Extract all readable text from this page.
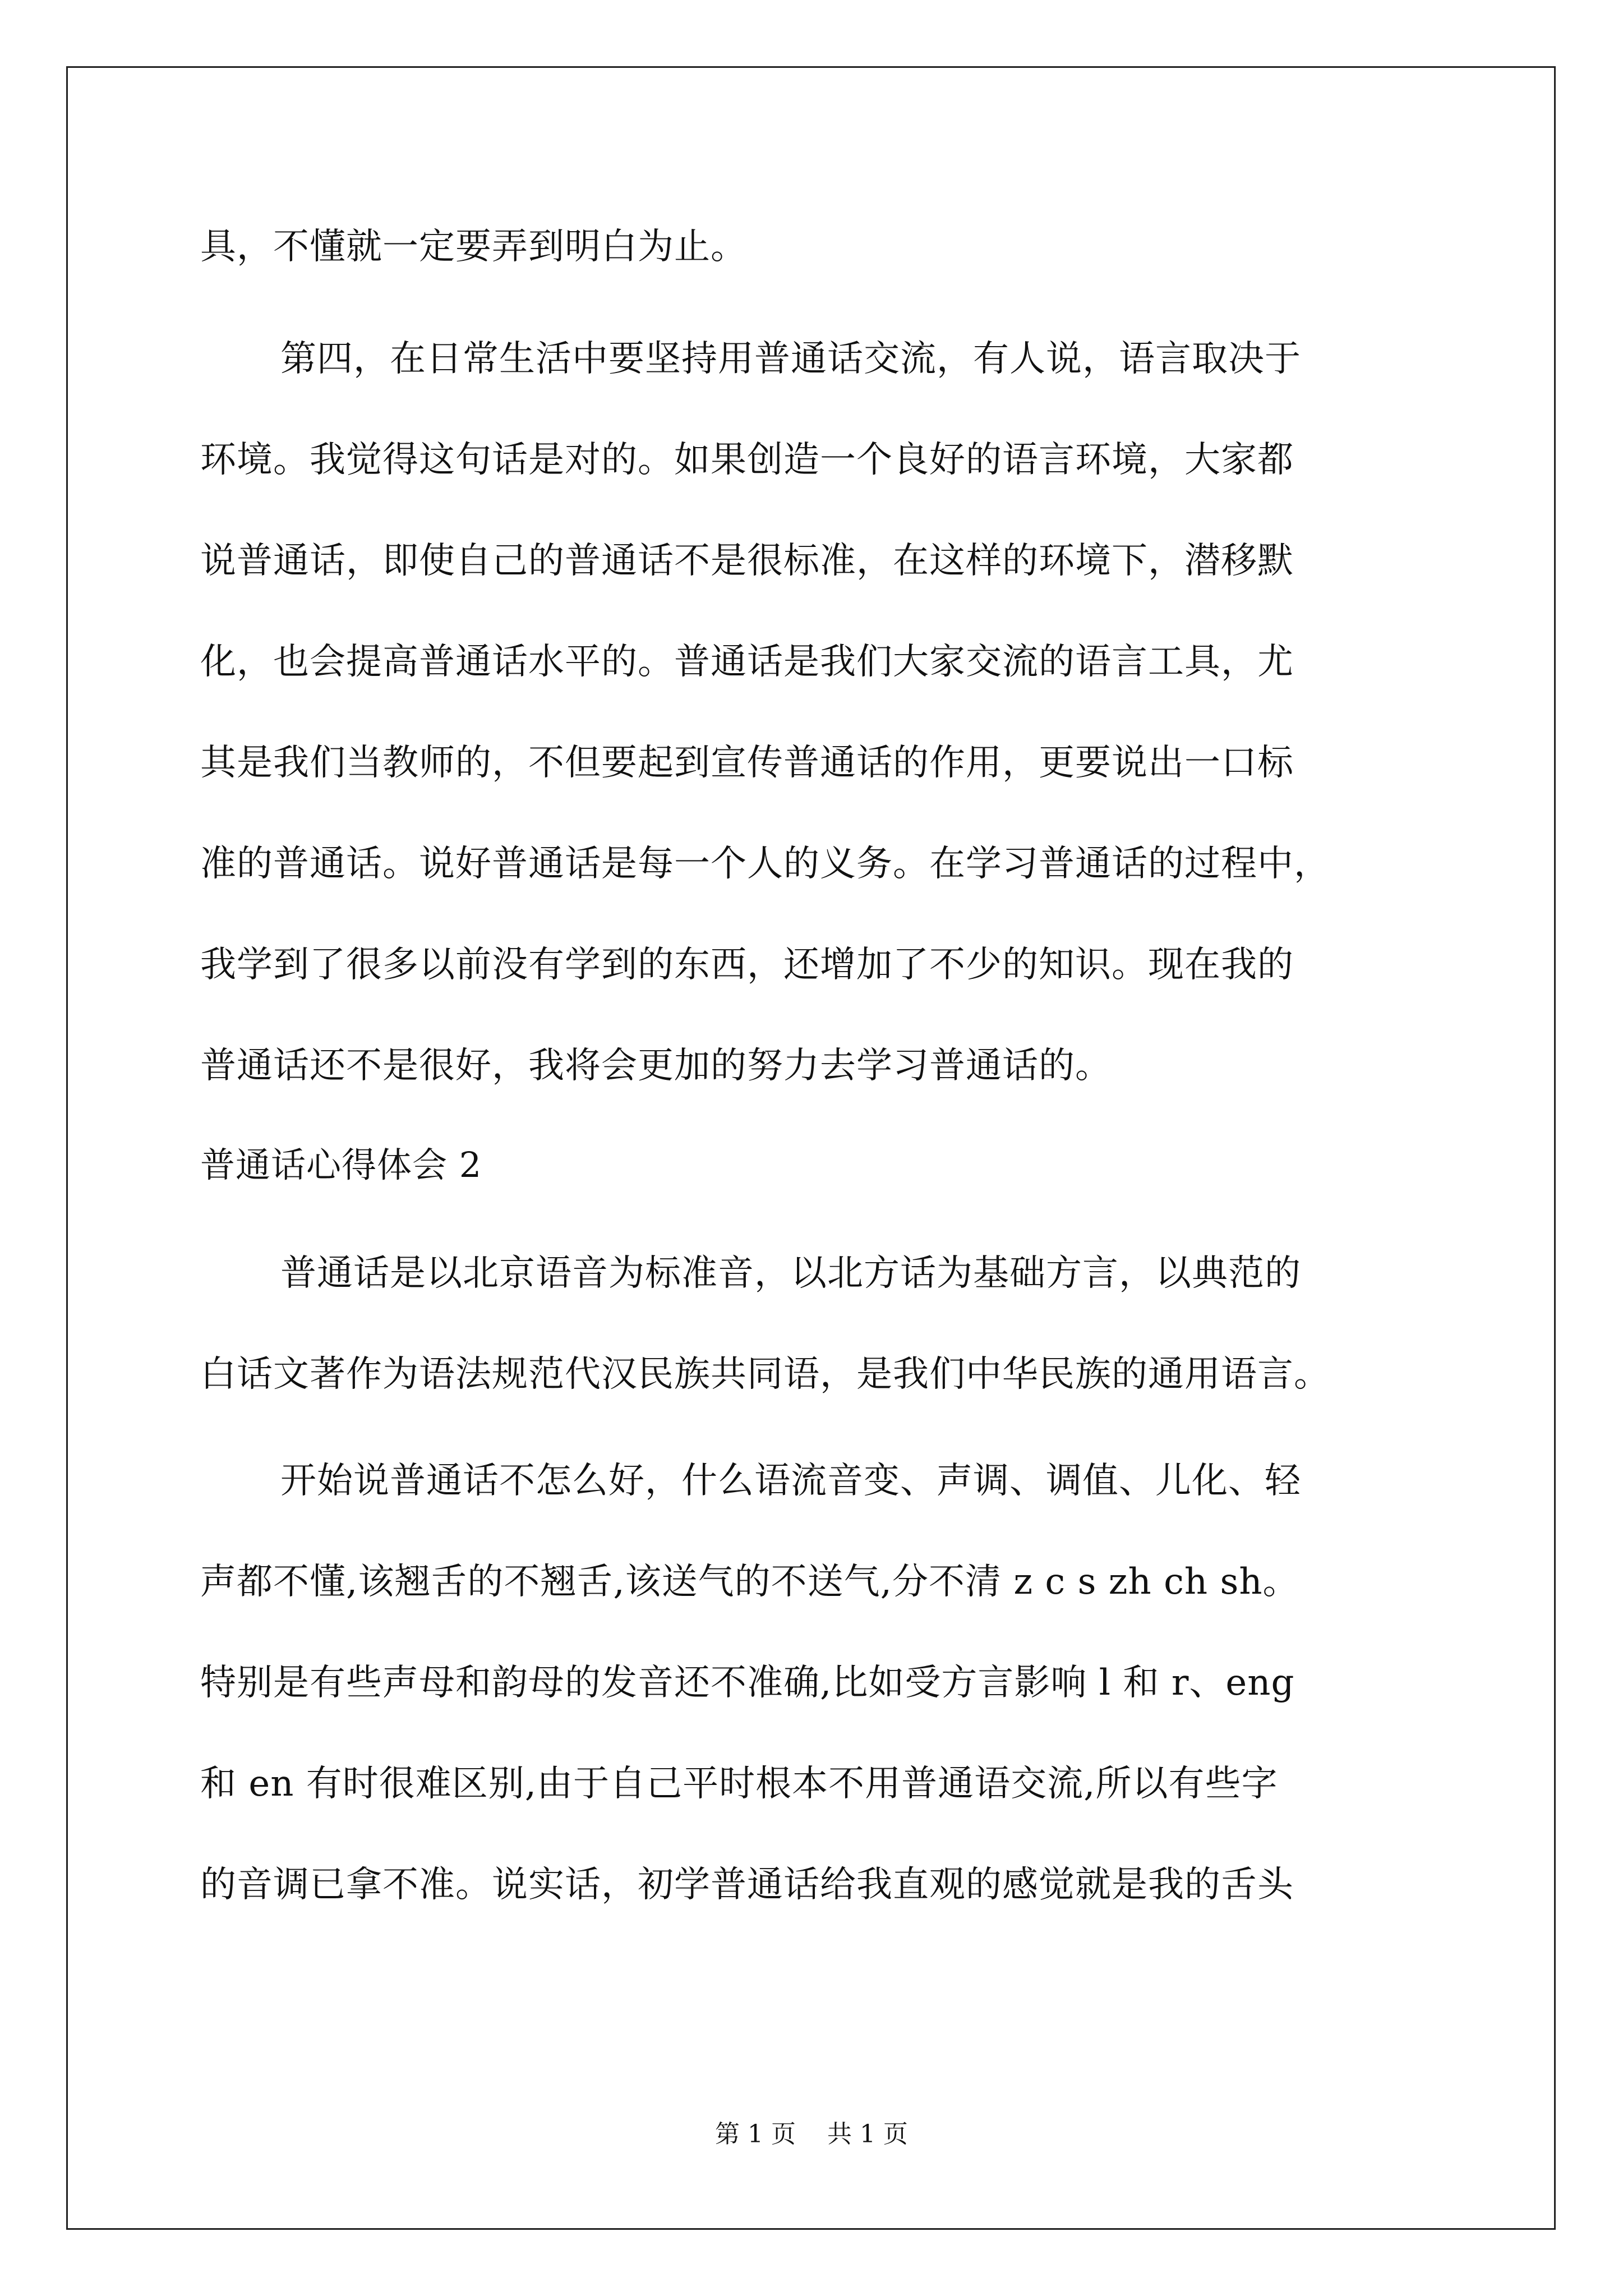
具，不懂就一定要弄到明白为止。
第四，在日常生活中要坚持用普通话交流，有人说，语言取决于
环境。我觉得这句话是对的。如果创造一个良好的语言环境，大家都
说普通话，即使自己的普通话不是很标准，在这样的环境下，潜移默
化，也会提高普通话水平的。普通话是我们大家交流的语言工具，尤
其是我们当教师的，不但要起到宣传普通话的作用，更要说出一口标
准的普通话。说好普通话是每一个人的义务。在学习普通话的过程中，
我学到了很多以前没有学到的东西，还增加了不少的知识。现在我的
普通话还不是很好，我将会更加的努力去学习普通话的。
普通话心得体会 2
普通话是以北京语音为标准音，以北方话为基础方言，以典范的
白话文著作为语法规范代汉民族共同语，是我们中华民族的通用语言。
开始说普通话不怎么好，什么语流音变、声调、调值、儿化、轻
声都不懂,该翘舌的不翘舌,该送气的不送气,分不清 z c s zh ch sh。
特别是有些声母和韵母的发音还不准确,比如受方言影响 l 和 r、eng
和 en 有时很难区别,由于自己平时根本不用普通语交流,所以有些字
的音调已拿不准。说实话，初学普通话给我直观的感觉就是我的舌头
第 1 页    共 1 页
